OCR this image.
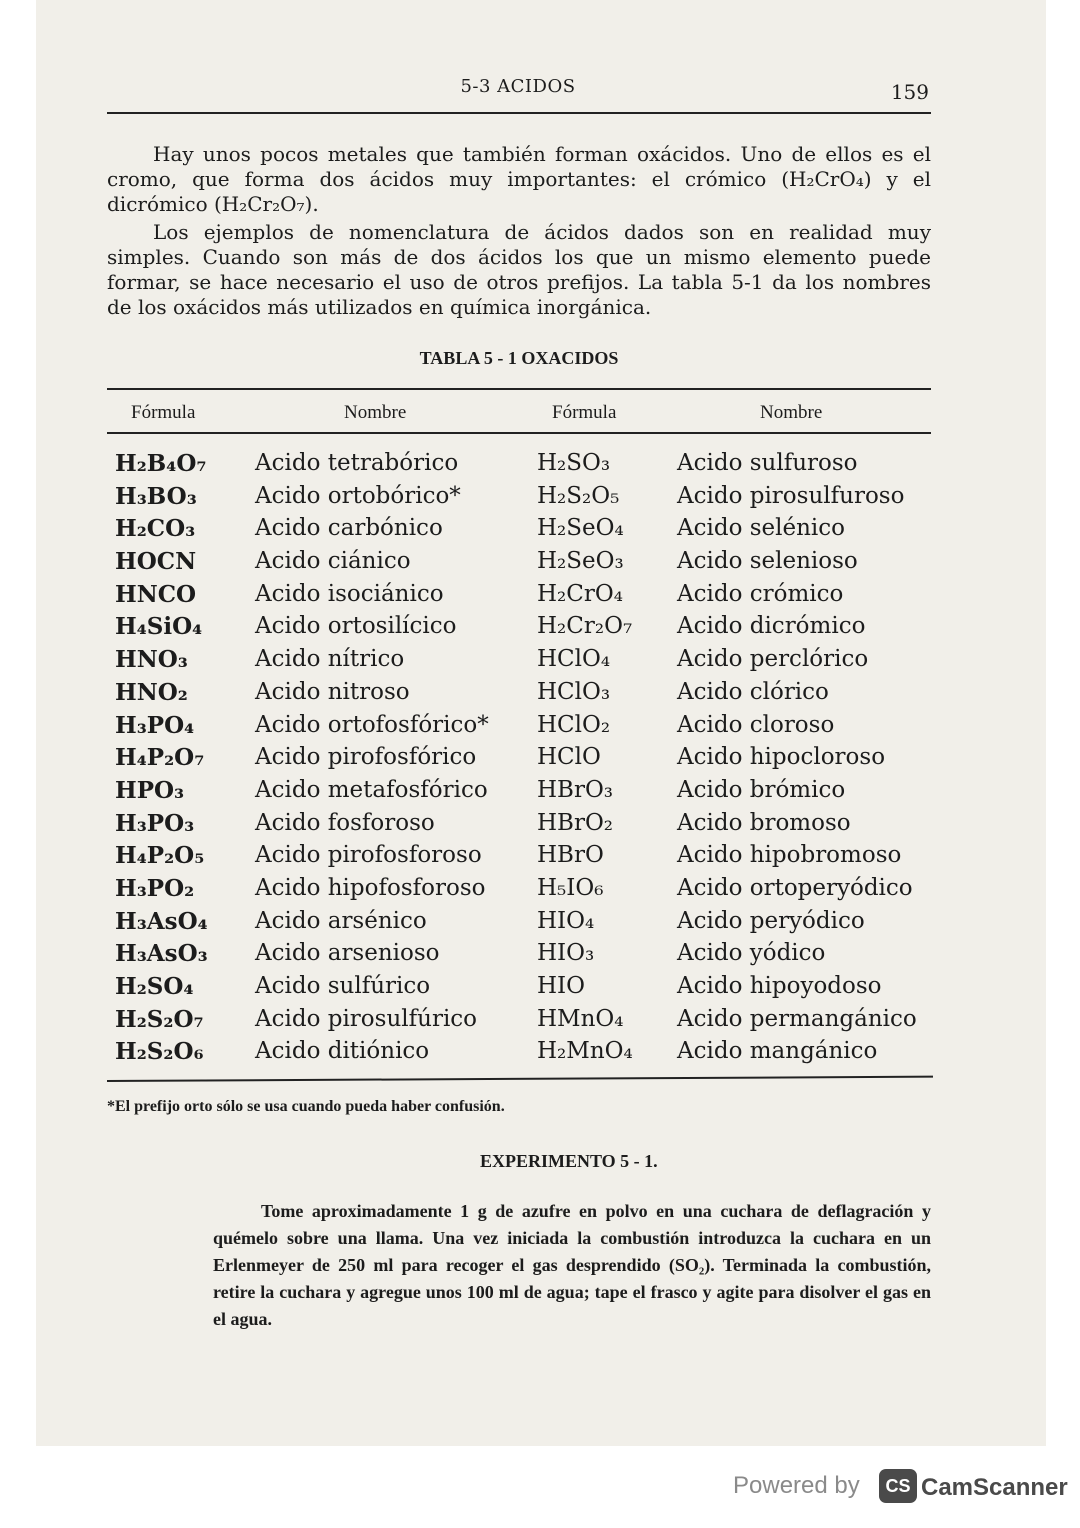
5-3 ACIDOS	159

Hay unos pocos metales que también forman oxácidos. Uno de ellos es el cromo, que forma dos ácidos muy importantes: el crómico (H₂CrO₄) y el dicrómico (H₂Cr₂O₇).

Los ejemplos de nomenclatura de ácidos dados son en realidad muy simples. Cuando son más de dos ácidos los que un mismo elemento puede formar, se hace necesario el uso de otros prefijos. La tabla 5-1 da los nombres de los oxácidos más utilizados en química inorgánica.

TABLA 5 - 1 OXACIDOS
Fórmula	Nombre	Fórmula	Nombre
H₂B₄O₇ Acido tetrabórico	H₂SO₃	Acido sulfuroso
H₃BO₃	Acido ortobórico*	H₂S₂O₅	Acido pirosulfuroso
H₂CO₃	Acido carbónico	H₂SeO₄ Acido selénico
HOCN	Acido ciánico	H₂SeO₃ Acido selenioso
HNCO	Acido isociánico	H₂CrO₄ Acido crómico
H₄SiO₄ Acido ortosilícico	H₂Cr₂O₇ Acido dicrómico
HNO₃	Acido nítrico	HClO₄	Acido perclórico
HNO₂	Acido nitroso	HClO₃	Acido clórico
H₃PO₄	Acido ortofosfórico* HClO₂	Acido cloroso
H₄P₂O₇ Acido pirofosfórico	HClO	Acido hipocloroso
HPO₃	Acido metafosfórico HBrO₃	Acido brómico
H₃PO₃	Acido fosforoso	HBrO₂	Acido bromoso
H₄P₂O₅ Acido pirofosforoso HBrO	Acido hipobromoso
H₃PO₂	Acido hipofosforoso H₅IO₆	Acido ortoperyódico
H₃AsO₄ Acido arsénico	HIO₄	Acido peryódico
H₃AsO₃ Acido arsenioso	HIO₃	Acido yódico
H₂SO₄	Acido sulfúrico	HIO	Acido hipoyodoso
H₂S₂O₇ Acido pirosulfúrico	HMnO₄ Acido permangánico
H₂S₂O₆ Acido ditiónico	H₂MnO₄ Acido mangánico
*El prefijo orto sólo se usa cuando pueda haber confusión.
EXPERIMENTO 5 - 1.

Tome aproximadamente 1 g de azufre en polvo en una cuchara de deflagración y quémelo sobre una llama. Una vez iniciada la combustión introduzca la cuchara en un Erlenmeyer de 250 ml para recoger el gas desprendido (SO₂). Terminada la combustión, retire la cuchara y agregue unos 100 ml de agua; tape el frasco y agite para disolver el gas en el agua.

Powered by	CS CamScanner
